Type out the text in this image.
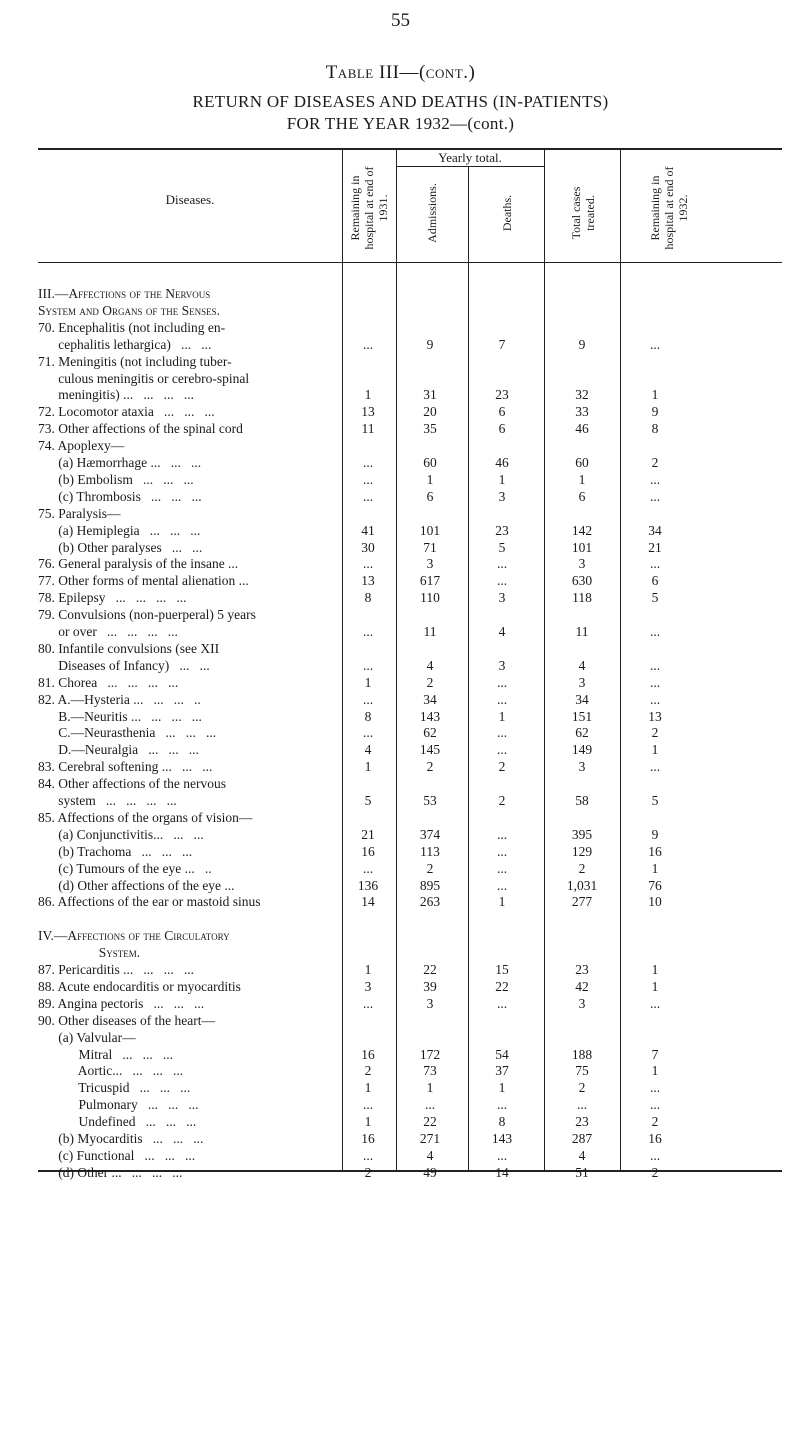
55
Table III—(cont.)
RETURN OF DISEASES AND DEATHS (IN-PATIENTS)
FOR THE YEAR 1932—(cont.)
Diseases.
Yearly total.
Remaining in hospital at end of 1931.	Admissions.	Deaths.	Total cases treated.	Remaining in hospital at end of 1932.
III.—Affections of the Nervous
System and Organs of the Senses.
70. Encephalitis (not including en-
cephalitis lethargica)   ...   ...	...	9	7	9	...
71. Meningitis (not including tuber-
culous meningitis or cerebro-spinal
meningitis) ...   ...   ...   ...	1	31	23	32	1
72. Locomotor ataxia   ...   ...   ...	13	20	6	33	9
73. Other affections of the spinal cord	11	35	6	46	8
74. Apoplexy—
(a) Hæmorrhage ...   ...   ...	...	60	46	60	2
(b) Embolism   ...   ...   ...	...	1	1	1	...
(c) Thrombosis   ...   ...   ...	...	6	3	6	...
75. Paralysis—
(a) Hemiplegia   ...   ...   ...	41	101	23	142	34
(b) Other paralyses   ...   ...	30	71	5	101	21
76. General paralysis of the insane ...	...	3	...	3	...
77. Other forms of mental alienation ...	13	617	...	630	6
78. Epilepsy   ...   ...   ...   ...	8	110	3	118	5
79. Convulsions (non-puerperal) 5 years
or over   ...   ...   ...   ...	...	11	4	11	...
80. Infantile convulsions (see XII
Diseases of Infancy)   ...   ...	...	4	3	4	...
81. Chorea   ...   ...   ...   ...	1	2	...	3	...
82. A.—Hysteria ...   ...   ...   ..	...	34	...	34	...
B.—Neuritis ...   ...   ...   ...	8	143	1	151	13
C.—Neurasthenia   ...   ...   ...	...	62	...	62	2
D.—Neuralgia   ...   ...   ...	4	145	...	149	1
83. Cerebral softening ...   ...   ...	1	2	2	3	...
84. Other affections of the nervous
system   ...   ...   ...   ...	5	53	2	58	5
85. Affections of the organs of vision—
(a) Conjunctivitis...   ...   ...	21	374	...	395	9
(b) Trachoma   ...   ...   ...	16	113	...	129	16
(c) Tumours of the eye ...   ..	...	2	...	2	1
(d) Other affections of the eye ...	136	895	...	1,031	76
86. Affections of the ear or mastoid sinus	14	263	1	277	10
IV.—Affections of the Circulatory
System.
87. Pericarditis ...   ...   ...   ...	1	22	15	23	1
88. Acute endocarditis or myocarditis	3	39	22	42	1
89. Angina pectoris   ...   ...   ...	...	3	...	3	...
90. Other diseases of the heart—
(a) Valvular—
Mitral   ...   ...   ...	16	172	54	188	7
Aortic...   ...   ...   ...	2	73	37	75	1
Tricuspid   ...   ...   ...	1	1	1	2	...
Pulmonary   ...   ...   ...	...	...	...	...	...
Undefined   ...   ...   ...	1	22	8	23	2
(b) Myocarditis   ...   ...   ...	16	271	143	287	16
(c) Functional   ...   ...   ...	...	4	...	4	...
(d) Other ...   ...   ...   ...	2	49	14	51	2
